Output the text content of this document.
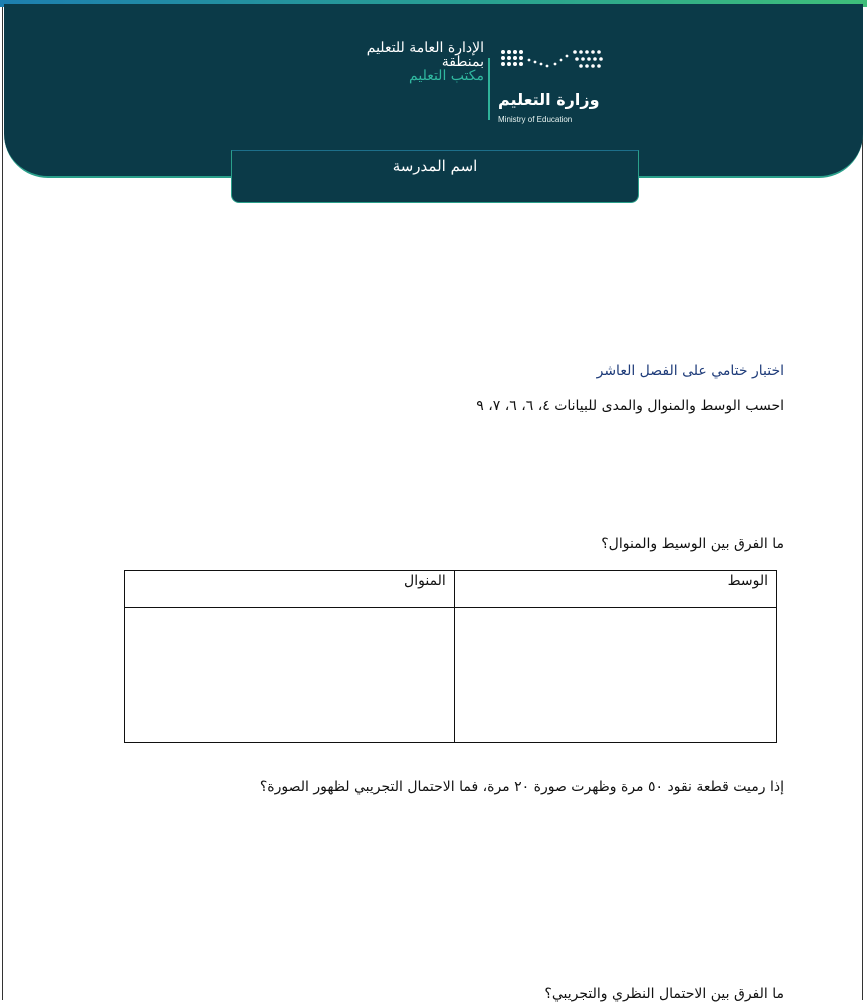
الإدارة العامة للتعليم
بمنطقة
مكتب التعليم
وزارة التعليم
Ministry of Education
اسم المدرسة
اختبار ختامي على الفصل العاشر
احسب الوسط والمنوال والمدى للبيانات ٤، ٦، ٦، ٧، ٩
ما الفرق بين الوسيط والمنوال؟
الوسط	المنوال

إذا رميت قطعة نقود ٥٠ مرة وظهرت صورة ٢٠ مرة، فما الاحتمال التجريبي لظهور الصورة؟
ما الفرق بين الاحتمال النظري والتجريبي؟
